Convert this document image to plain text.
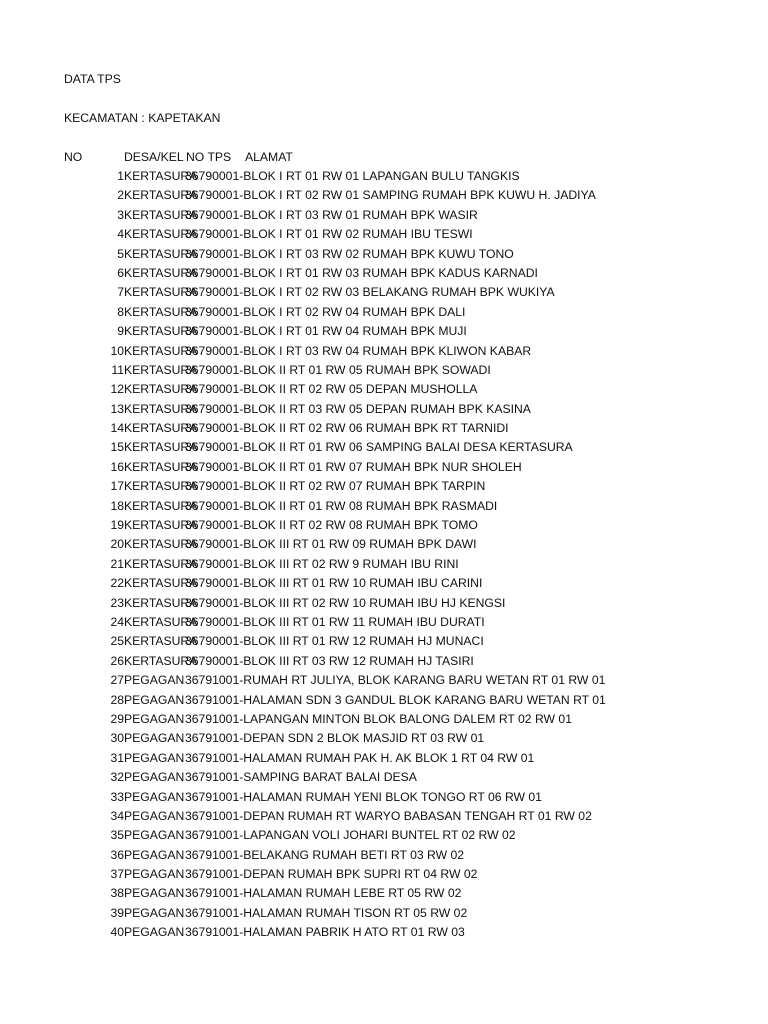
DATA TPS
KECAMATAN : KAPETAKAN
NO	DESA/KEL NO TPS ALAMAT
1 KERTASURA
36790001-BLOK I RT 01 RW 01 LAPANGAN BULU TANGKIS
2 KERTASURA
36790001-BLOK I RT 02 RW 01 SAMPING RUMAH BPK KUWU H. JADIYA
3 KERTASURA
36790001-BLOK I RT 03 RW 01 RUMAH BPK WASIR
4 KERTASURA
36790001-BLOK I RT 01 RW 02 RUMAH IBU TESWI
5 KERTASURA
36790001-BLOK I RT 03 RW 02 RUMAH BPK KUWU TONO
6 KERTASURA
36790001-BLOK I RT 01 RW 03 RUMAH BPK KADUS KARNADI
7 KERTASURA
36790001-BLOK I RT 02 RW 03 BELAKANG RUMAH BPK WUKIYA
8 KERTASURA
36790001-BLOK I RT 02 RW 04 RUMAH BPK DALI
9 KERTASURA
36790001-BLOK I RT 01 RW 04 RUMAH BPK MUJI
10 KERTASURA
36790001-BLOK I RT 03 RW 04 RUMAH BPK KLIWON KABAR
11 KERTASURA
36790001-BLOK II RT 01 RW 05 RUMAH BPK SOWADI
12 KERTASURA
36790001-BLOK II RT 02 RW 05 DEPAN MUSHOLLA
13 KERTASURA
36790001-BLOK II RT 03 RW 05 DEPAN RUMAH BPK KASINA
14 KERTASURA
36790001-BLOK II RT 02 RW 06 RUMAH BPK RT TARNIDI
15 KERTASURA
36790001-BLOK II RT 01 RW 06 SAMPING BALAI DESA KERTASURA
16 KERTASURA
36790001-BLOK II RT 01 RW 07 RUMAH BPK NUR SHOLEH
17 KERTASURA
36790001-BLOK II RT 02 RW 07 RUMAH BPK TARPIN
18 KERTASURA
36790001-BLOK II RT 01 RW 08 RUMAH BPK RASMADI
19 KERTASURA
36790001-BLOK II RT 02 RW 08 RUMAH BPK TOMO
20 KERTASURA
36790001-BLOK III RT 01 RW 09 RUMAH BPK DAWI
21 KERTASURA
36790001-BLOK III RT 02 RW 9 RUMAH IBU RINI
22 KERTASURA
36790001-BLOK III RT 01 RW 10 RUMAH IBU CARINI
23 KERTASURA
36790001-BLOK III RT 02 RW 10 RUMAH IBU HJ KENGSI
24 KERTASURA
36790001-BLOK III RT 01 RW 11 RUMAH IBU DURATI
25 KERTASURA
36790001-BLOK III RT 01 RW 12 RUMAH HJ MUNACI
26 KERTASURA
36790001-BLOK III RT 03 RW 12 RUMAH HJ TASIRI
27 PEGAGAN 36791001-RUMAH RT JULIYA, BLOK KARANG BARU WETAN RT 01 RW 01
28 PEGAGAN 36791001-HALAMAN SDN 3 GANDUL BLOK KARANG BARU WETAN RT 01
29 PEGAGAN 36791001-LAPANGAN MINTON BLOK BALONG DALEM RT 02 RW 01
30 PEGAGAN 36791001-DEPAN SDN 2 BLOK MASJID RT 03 RW 01
31 PEGAGAN 36791001-HALAMAN RUMAH PAK H. AK BLOK 1 RT 04 RW 01
32 PEGAGAN 36791001-SAMPING BARAT BALAI DESA
33 PEGAGAN 36791001-HALAMAN RUMAH YENI BLOK TONGO RT 06 RW 01
34 PEGAGAN 36791001-DEPAN RUMAH RT WARYO BABASAN TENGAH RT 01 RW 02
35 PEGAGAN 36791001-LAPANGAN VOLI JOHARI BUNTEL RT 02 RW 02
36 PEGAGAN 36791001-BELAKANG RUMAH BETI RT 03 RW 02
37 PEGAGAN 36791001-DEPAN RUMAH BPK SUPRI RT 04 RW 02
38 PEGAGAN 36791001-HALAMAN RUMAH LEBE RT 05 RW 02
39 PEGAGAN 36791001-HALAMAN RUMAH TISON RT 05 RW 02
40 PEGAGAN 36791001-HALAMAN PABRIK H ATO RT 01 RW 03
